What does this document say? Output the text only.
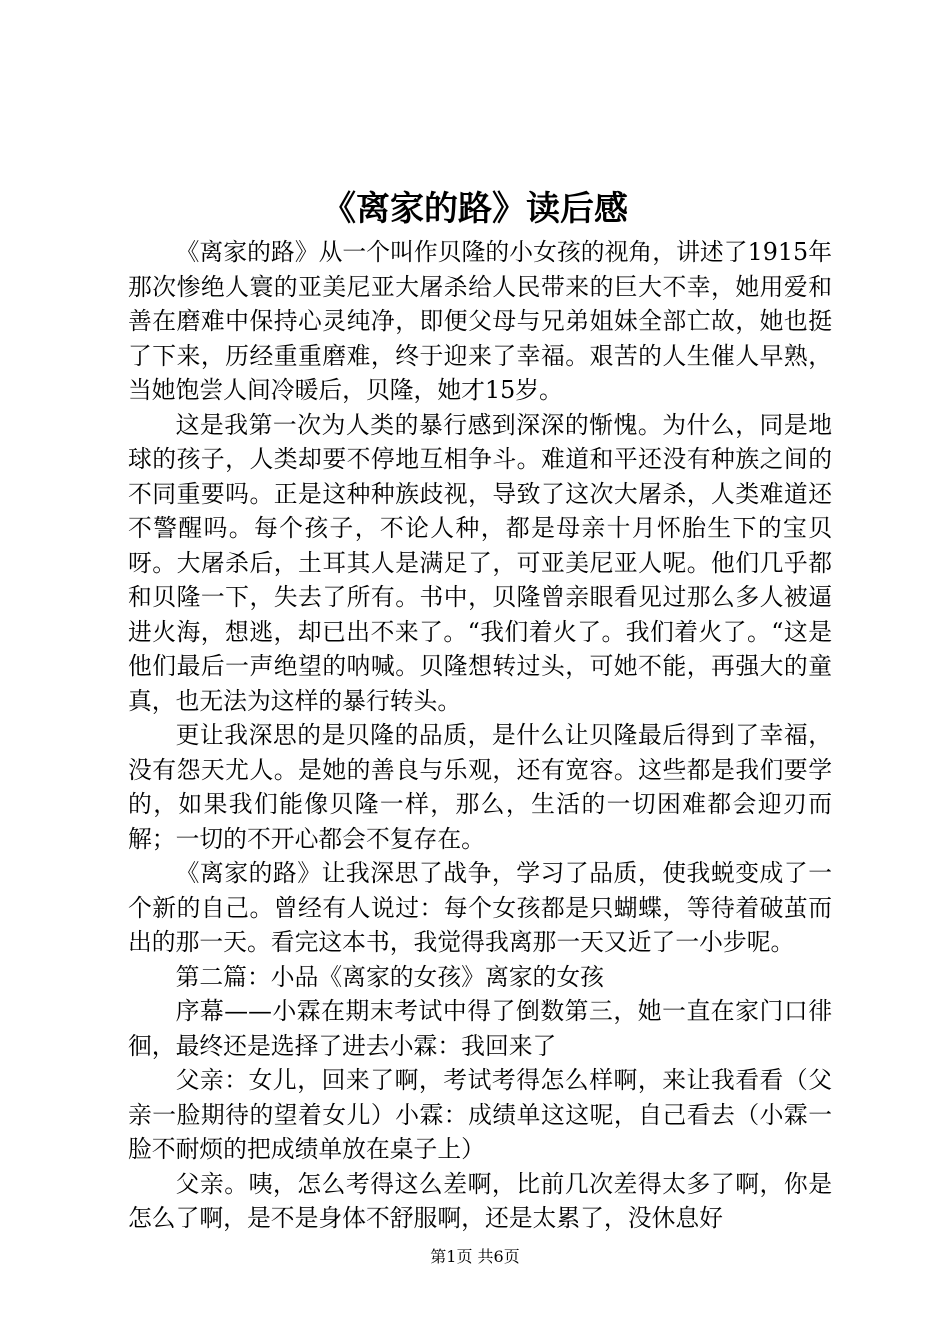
《离家的路》读后感

《离家的路》从一个叫作贝隆的小女孩的视角，讲述了1915年那次惨绝人寰的亚美尼亚大屠杀给人民带来的巨大不幸，她用爱和善在磨难中保持心灵纯净，即便父母与兄弟姐妹全部亡故，她也挺了下来，历经重重磨难，终于迎来了幸福。艰苦的人生催人早熟，当她饱尝人间冷暖后，贝隆，她才15岁。

这是我第一次为人类的暴行感到深深的惭愧。为什么，同是地球的孩子，人类却要不停地互相争斗。难道和平还没有种族之间的不同重要吗。正是这种种族歧视，导致了这次大屠杀，人类难道还不警醒吗。每个孩子，不论人种，都是母亲十月怀胎生下的宝贝呀。大屠杀后，土耳其人是满足了，可亚美尼亚人呢。他们几乎都和贝隆一下，失去了所有。书中，贝隆曾亲眼看见过那么多人被逼进火海，想逃，却已出不来了。“我们着火了。我们着火了。“这是他们最后一声绝望的呐喊。贝隆想转过头，可她不能，再强大的童真，也无法为这样的暴行转头。

更让我深思的是贝隆的品质，是什么让贝隆最后得到了幸福，没有怨天尤人。是她的善良与乐观，还有宽容。这些都是我们要学的，如果我们能像贝隆一样，那么，生活的一切困难都会迎刃而解；一切的不开心都会不复存在。

《离家的路》让我深思了战争，学习了品质，使我蜕变成了一个新的自己。曾经有人说过：每个女孩都是只蝴蝶，等待着破茧而出的那一天。看完这本书，我觉得我离那一天又近了一小步呢。

第二篇：小品《离家的女孩》离家的女孩

序幕——小霖在期末考试中得了倒数第三，她一直在家门口徘徊，最终还是选择了进去小霖：我回来了

父亲：女儿，回来了啊，考试考得怎么样啊，来让我看看（父亲一脸期待的望着女儿）小霖：成绩单这这呢，自己看去（小霖一脸不耐烦的把成绩单放在桌子上）

父亲。咦，怎么考得这么差啊，比前几次差得太多了啊，你是怎么了啊，是不是身体不舒服啊，还是太累了，没休息好

第1页 共6页
